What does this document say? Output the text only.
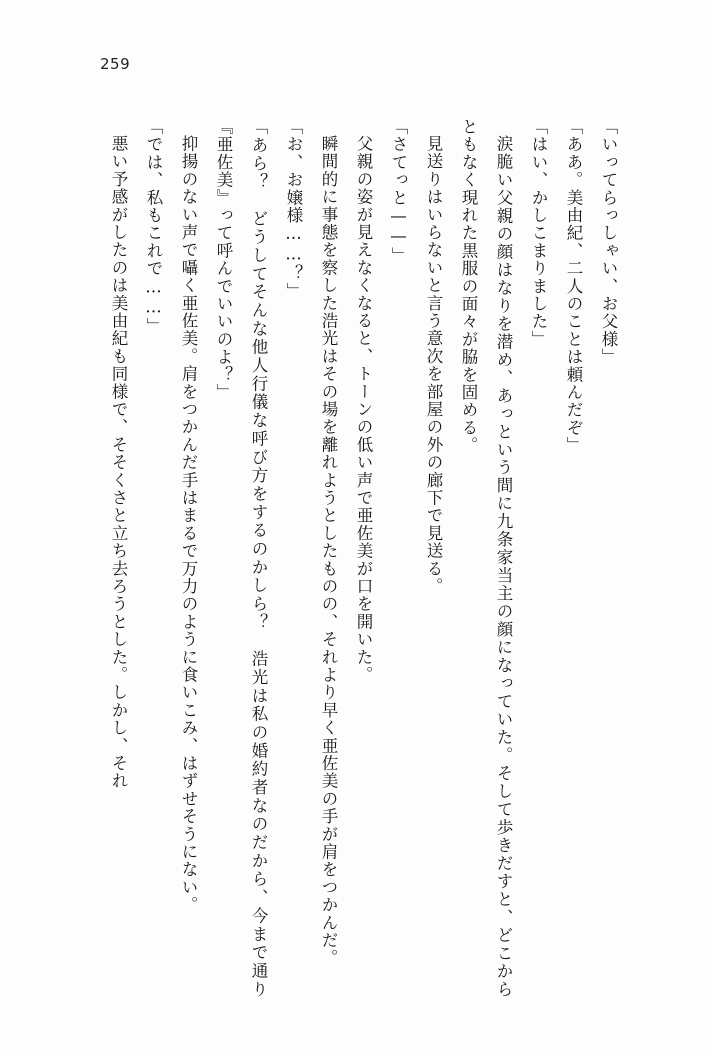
259

「いってらっしゃい、お父様」

「ああ。美由紀、二人のことは頼んだぞ」

「はい、かしこまりました」

涙脆い父親の顔はなりを潜め、あっという間に九条家当主の顔になっていた。そして歩きだすと、どこからともなく現れた黒服の面々が脇を固める。

見送りはいらないと言う意次を部屋の外の廊下で見送る。

「さてっと——」

父親の姿が見えなくなると、トーンの低い声で亜佐美が口を開いた。

瞬間的に事態を察した浩光はその場を離れようとしたものの、それより早く亜佐美の手が肩をつかんだ。

「お、お嬢様……？」

「あら？　どうしてそんな他人行儀な呼び方をするのかしら？　浩光は私の婚約者なのだから、今まで通り『亜佐美』って呼んでいいのよ？」

抑揚のない声で囁く亜佐美。肩をつかんだ手はまるで万力のように食いこみ、はずせそうにない。

「では、私もこれで……」

悪い予感がしたのは美由紀も同様で、そそくさと立ち去ろうとした。しかし、それ
